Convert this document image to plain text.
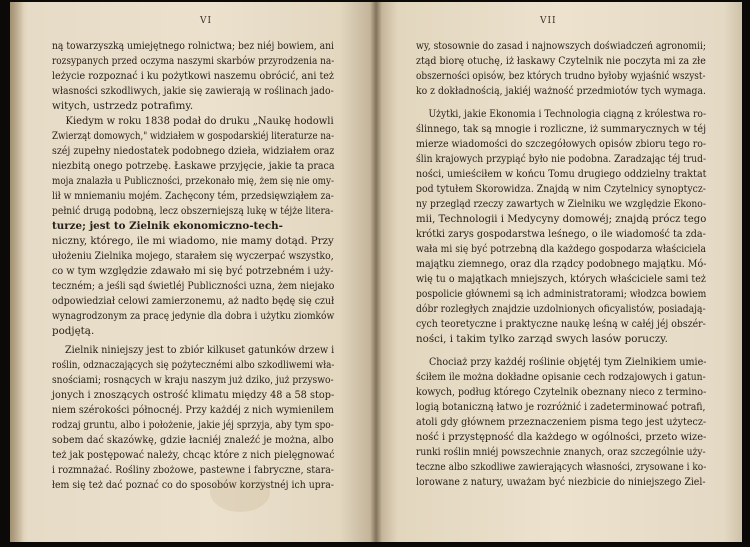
VI
ną towarzyszką umiejętnego rolnictwa; bez niéj bowiem, ani
rozsypanych przed oczyma naszymi skarbów przyrodzenia na-
leżycie rozpoznać i ku pożytkowi naszemu obrócić, ani też
własności szkodliwych, jakie się zawierają w roślinach jado-
witych, ustrzedz potrafimy.
Kiedym w roku 1838 podał do druku „Naukę hodowli
Zwierząt domowych," widziałem w gospodarskiéj literaturze na-
széj zupełny niedostatek podobnego dzieła, widziałem oraz
niezbitą onego potrzebę. Łaskawe przyjęcie, jakie ta praca
moja znalazła u Publiczności, przekonało mię, żem się nie omy-
lił w mniemaniu mojém. Zachęcony tém, przedsięwziąłem za-
pełnić drugą podobną, lecz obszerniejszą lukę w téjże litera-
turze; jest to Zielnik ekonomiczno-tech-
niczny, którego, ile mi wiadomo, nie mamy dotąd. Przy
ułożeniu Zielnika mojego, starałem się wyczerpać wszystko,
co w tym względzie zdawało mi się być potrzebném i uży-
teczném; a jeśli sąd świetléj Publiczności uzna, żem niejako
odpowiedział celowi zamierzonemu, aż nadto będę się czuł
wynagrodzonym za pracę jedynie dla dobra i użytku ziomków
podjętą.
Zielnik niniejszy jest to zbiór kilkuset gatunków drzew i
roślin, odznaczających się pożytecznémi albo szkodliwemi wła-
snościami; rosnących w kraju naszym już dziko, już przyswo-
jonych i znoszących ostrość klimatu między 48 a 58 stop-
niem szérokości północnéj. Przy każdéj z nich wymienilem
rodzaj gruntu, albo i położenie, jakie jéj sprzyja, aby tym spo-
sobem dać skazówkę, gdzie łacniéj znaleźć je można, albo
też jak postępować należy, chcąc które z nich pielęgnować
i rozmnażać. Rośliny zbożowe, pastewne i fabryczne, stara-
łem się też dać poznać co do sposobów korzystnéj ich upra-
VII
wy, stosownie do zasad i najnowszych doświadczeń agronomii;
ztąd biorę otuchę, iż łaskawy Czytelnik nie poczyta mi za złe
obszerności opisów, bez których trudno byłoby wyjaśnić wszyst-
ko z dokładnością, jakiéj ważność przedmiotów tych wymaga.
Użytki, jakie Ekonomia i Technologia ciągną z królestwa ro-
ślinnego, tak są mnogie i rozliczne, iż summarycznych w téj
mierze wiadomości do szczegółowych opisów zbioru tego ro-
ślin krajowych przypiąć było nie podobna. Zaradzając téj trud-
ności, umieściłem w końcu Tomu drugiego oddzielny traktat
pod tytułem Skorowidza. Znajdą w nim Czytelnicy synoptycz-
ny przegląd rzeczy zawartych w Zielniku we względzie Ekono-
mii, Technologii i Medycyny domowéj; znajdą prócz tego
krótki zarys gospodarstwa leśnego, o ile wiadomość ta zda-
wała mi się być potrzebną dla każdego gospodarza właściciela
majątku ziemnego, oraz dla rządcy podobnego majątku. Mó-
wię tu o majątkach mniejszych, których właściciele sami też
pospolicie głównemi są ich administratorami; włodzca bowiem
dóbr rozległych znajdzie uzdolnionych oficyalistów, posiadają-
cych teoretyczne i praktyczne naukę leśną w całéj jéj obszér-
ności, i takim tylko zarząd swych lasów poruczy.
Chociaż przy każdéj roślinie objętéj tym Zielnikiem umie-
ściłem ile można dokładne opisanie cech rodzajowych i gatun-
kowych, podług którego Czytelnik obeznany nieco z termino-
logią botaniczną łatwo je rozróżnić i zadeterminować potrafi,
atoli gdy głównem przeznaczeniem pisma tego jest użytecz-
ność i przystępność dla każdego w ogólności, przeto wize-
runki roślin mniéj powszechnie znanych, oraz szczególnie uży-
teczne albo szkodliwe zawierających własności, zrysowane i ko-
lorowane z natury, uważam być niezbicie do niniejszego Ziel-
